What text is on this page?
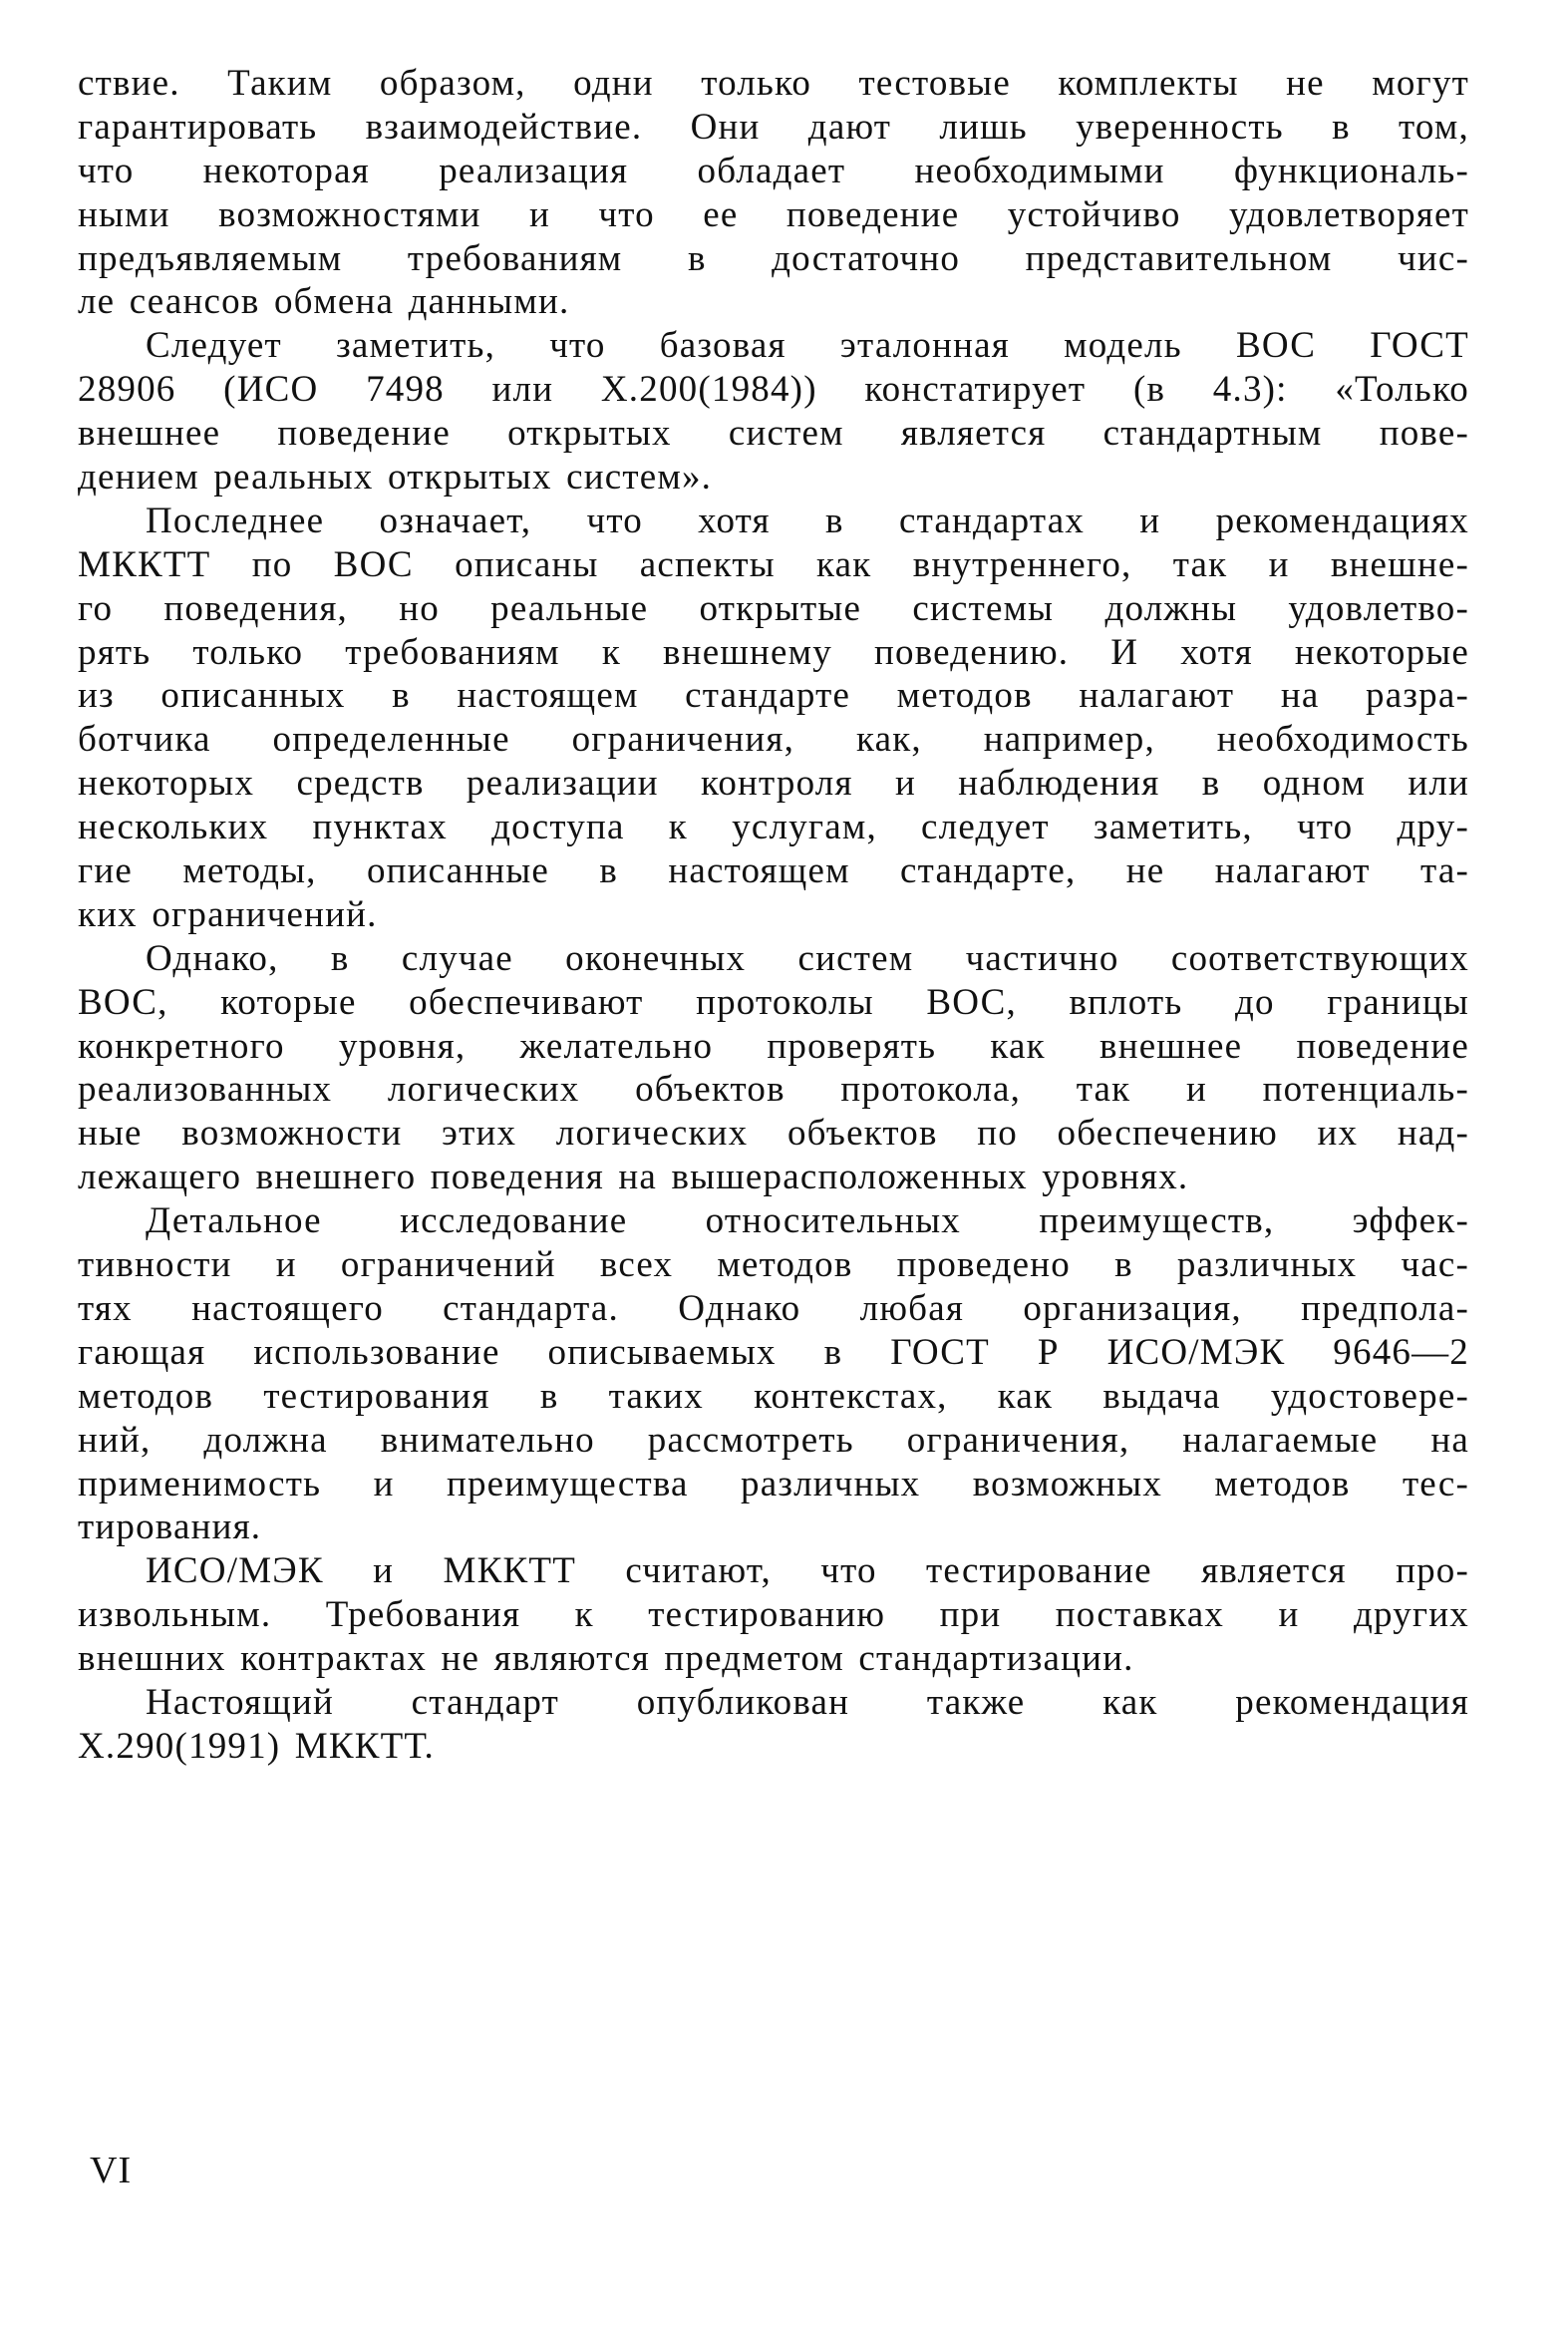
ствие. Таким образом, одни только тестовые комплекты не могут
гарантировать взаимодействие. Они дают лишь уверенность в том,
что некоторая реализация обладает необходимыми функциональ-
ными возможностями и что ее поведение устойчиво удовлетворяет
предъявляемым требованиям в достаточно представительном чис-
ле сеансов обмена данными.
Следует заметить, что базовая эталонная модель ВОС ГОСТ
28906 (ИСО 7498 или Х.200(1984)) констатирует (в 4.3): «Только
внешнее поведение открытых систем является стандартным пове-
дением реальных открытых систем».
Последнее означает, что хотя в стандартах и рекомендациях
МККТТ по ВОС описаны аспекты как внутреннего, так и внешне-
го поведения, но реальные открытые системы должны удовлетво-
рять только требованиям к внешнему поведению. И хотя некоторые
из описанных в настоящем стандарте методов налагают на разра-
ботчика определенные ограничения, как, например, необходимость
некоторых средств реализации контроля и наблюдения в одном или
нескольких пунктах доступа к услугам, следует заметить, что дру-
гие методы, описанные в настоящем стандарте, не налагают та-
ких ограничений.
Однако, в случае оконечных систем частично соответствующих
ВОС, которые обеспечивают протоколы ВОС, вплоть до границы
конкретного уровня, желательно проверять как внешнее поведение
реализованных логических объектов протокола, так и потенциаль-
ные возможности этих логических объектов по обеспечению их над-
лежащего внешнего поведения на вышерасположенных уровнях.
Детальное исследование относительных преимуществ, эффек-
тивности и ограничений всех методов проведено в различных час-
тях настоящего стандарта. Однако любая организация, предпола-
гающая использование описываемых в ГОСТ Р ИСО/МЭК 9646—2
методов тестирования в таких контекстах, как выдача удостовере-
ний, должна внимательно рассмотреть ограничения, налагаемые на
применимость и преимущества различных возможных методов тес-
тирования.
ИСО/МЭК и МККТТ считают, что тестирование является про-
извольным. Требования к тестированию при поставках и других
внешних контрактах не являются предметом стандартизации.
Настоящий стандарт опубликован также как рекомендация
Х.290(1991) МККТТ.
VI
